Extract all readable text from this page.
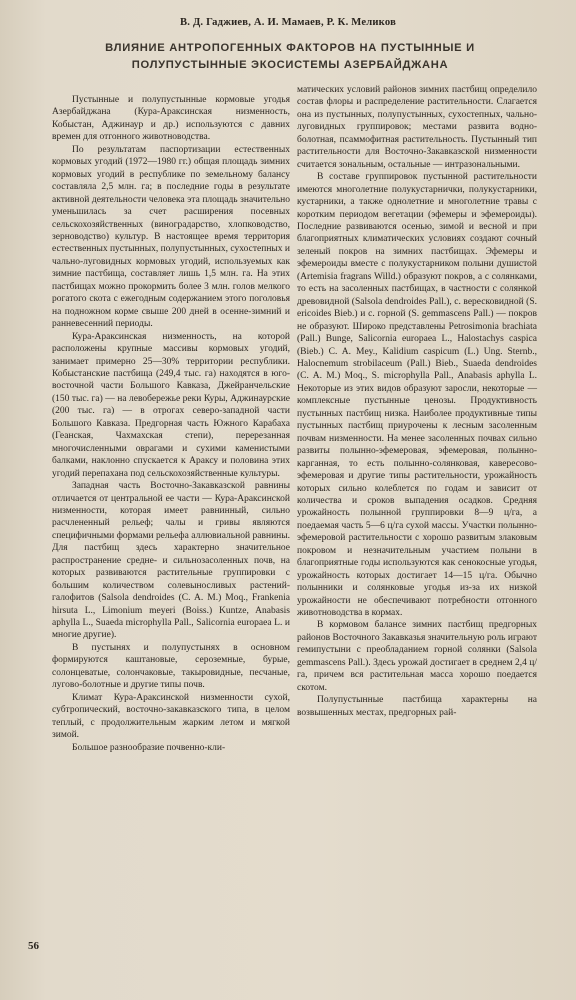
В. Д. Гаджиев, А. И. Мамаев, Р. К. Меликов
ВЛИЯНИЕ АНТРОПОГЕННЫХ ФАКТОРОВ НА ПУСТЫННЫЕ И ПОЛУПУСТЫННЫЕ ЭКОСИСТЕМЫ АЗЕРБАЙДЖАНА

Пустынные и полупустынные кормовые угодья Азербайджана (Кура-Араксинская низменность, Кобыстан, Аджинаур и др.) используются с давних времен для отгонного животноводства.

По результатам паспортизации естественных кормовых угодий (1972—1980 гг.) общая площадь зимних кормовых угодий в республике по земельному балансу составляла 2,5 млн. га; в последние годы в результате активной деятельности человека эта площадь значительно уменьшилась за счет расширения посевных сельскохозяйственных (виноградарство, хлопководство, зерноводство) культур. В настоящее время территория естественных пустынных, полупустынных, сухостепных и чально-луговидных кормовых угодий, используемых как зимние пастбища, составляет лишь 1,5 млн. га. На этих пастбищах можно прокормить более 3 млн. голов мелкого рогатого скота с ежегодным содержанием этого поголовья на подножном корме свыше 200 дней в осенне-зимний и ранневесенний периоды.

Кура-Араксинская низменность, на которой расположены крупные массивы кормовых угодий, занимает примерно 25—30% территории республики. Кобыстанские пастбища (249,4 тыс. га) находятся в юго-восточной части Большого Кавказа, Джейранчельские (150 тыс. га) — на левобережье реки Куры, Аджинаурские (200 тыс. га) — в отрогах северо-западной части Большого Кавказа. Предгорная часть Южного Карабаха (Геанская, Чахмахская степи), перерезанная многочисленными оврагами и сухими каменистыми балками, наклонно спускается к Араксу и половина этих угодий перепахана под сельскохозяйственные культуры.

Западная часть Восточно-Закавказской равнины отличается от центральной ее части — Кура-Араксинской низменности, которая имеет равнинный, сильно расчлененный рельеф; чалы и гривы являются специфичными формами рельефа аллювиальной равнины. Для пастбищ здесь характерно значительное распространение средне- и сильнозасоленных почв, на которых развиваются растительные группировки с большим количеством солевыносливых растений-галофитов (Salsola dendroides (C. A. M.) Moq., Frankenia hirsuta L., Limonium meyeri (Boiss.) Kuntze, Anabasis aphylla L., Suaeda microphylla Pall., Salicornia europaea L. и многие другие).

В пустынях и полупустынях в основном формируются каштановые, сероземные, бурые, солонцеватые, солончаковые, такыровидные, песчаные, лугово-болотные и другие типы почв.

Климат Кура-Араксинской низменности сухой, субтропический, восточно-закавказского типа, в целом теплый, с продолжительным жарким летом и мягкой зимой.

Большое разнообразие почвенно-кли-

матических условий районов зимних пастбищ определило состав флоры и распределение растительности. Слагается она из пустынных, полупустынных, сухостепных, чально-луговидных группировок; местами развита водно-болотная, псаммофитная растительность. Пустынный тип растительности для Восточно-Закавказской низменности считается зональным, остальные — интразональными.

В составе группировок пустынной растительности имеются многолетние полукустарнички, полукустарники, кустарники, а также однолетние и многолетние травы с коротким периодом вегетации (эфемеры и эфемероиды). Последние развиваются осенью, зимой и весной и при благоприятных климатических условиях создают сочный зеленый покров на зимних пастбищах. Эфемеры и эфемероиды вместе с полукустарником полыни душистой (Artemisia fragrans Willd.) образуют покров, а с солянками, то есть на засоленных пастбищах, в частности с солянкой древовидной (Salsola dendroides Pall.), с. вересковидной (S. ericoides Bieb.) и с. горной (S. gemmascens Pall.) — покров не образуют. Широко представлены Petrosimonia brachiata (Pall.) Bunge, Salicornia europaea L., Halostachys caspica (Bieb.) C. A. Mey., Kalidium caspicum (L.) Ung. Sternb., Halocnemum strobilaceum (Pall.) Bieb., Suaeda dendroides (C. A. M.) Moq., S. microphylla Pall., Anabasis aphylla L. Некоторые из этих видов образуют заросли, некоторые — комплексные пустынные ценозы. Продуктивность пустынных пастбищ низка. Наиболее продуктивные типы пустынных пастбищ приурочены к лесным засоленным почвам низменности. На менее засоленных почвах сильно развиты полынно-эфемеровая, эфемеровая, полынно-карганная, то есть полынно-солянковая, кавересово-эфемеровая и другие типы растительности, урожайность которых сильно колеблется по годам и зависит от количества и сроков выпадения осадков. Средняя урожайность полынной группировки 8—9 ц/га, а поедаемая часть 5—6 ц/га сухой массы. Участки полынно-эфемеровой растительности с хорошо развитым злаковым покровом и незначительным участием полыни в благоприятные годы используются как сенокосные угодья, урожайность которых достигает 14—15 ц/га. Обычно полынники и солянковые угодья из-за их низкой урожайности не обеспечивают потребности отгонного животноводства в кормах.

В кормовом балансе зимних пастбищ предгорных районов Восточного Закавказья значительную роль играют гемипустыни с преобладанием горной солянки (Salsola gemmascens Pall.). Здесь урожай достигает в среднем 2,4 ц/га, причем вся растительная масса хорошо поедается скотом.

Полупустынные пастбища характерны на возвышенных местах, предгорных рай-

56
